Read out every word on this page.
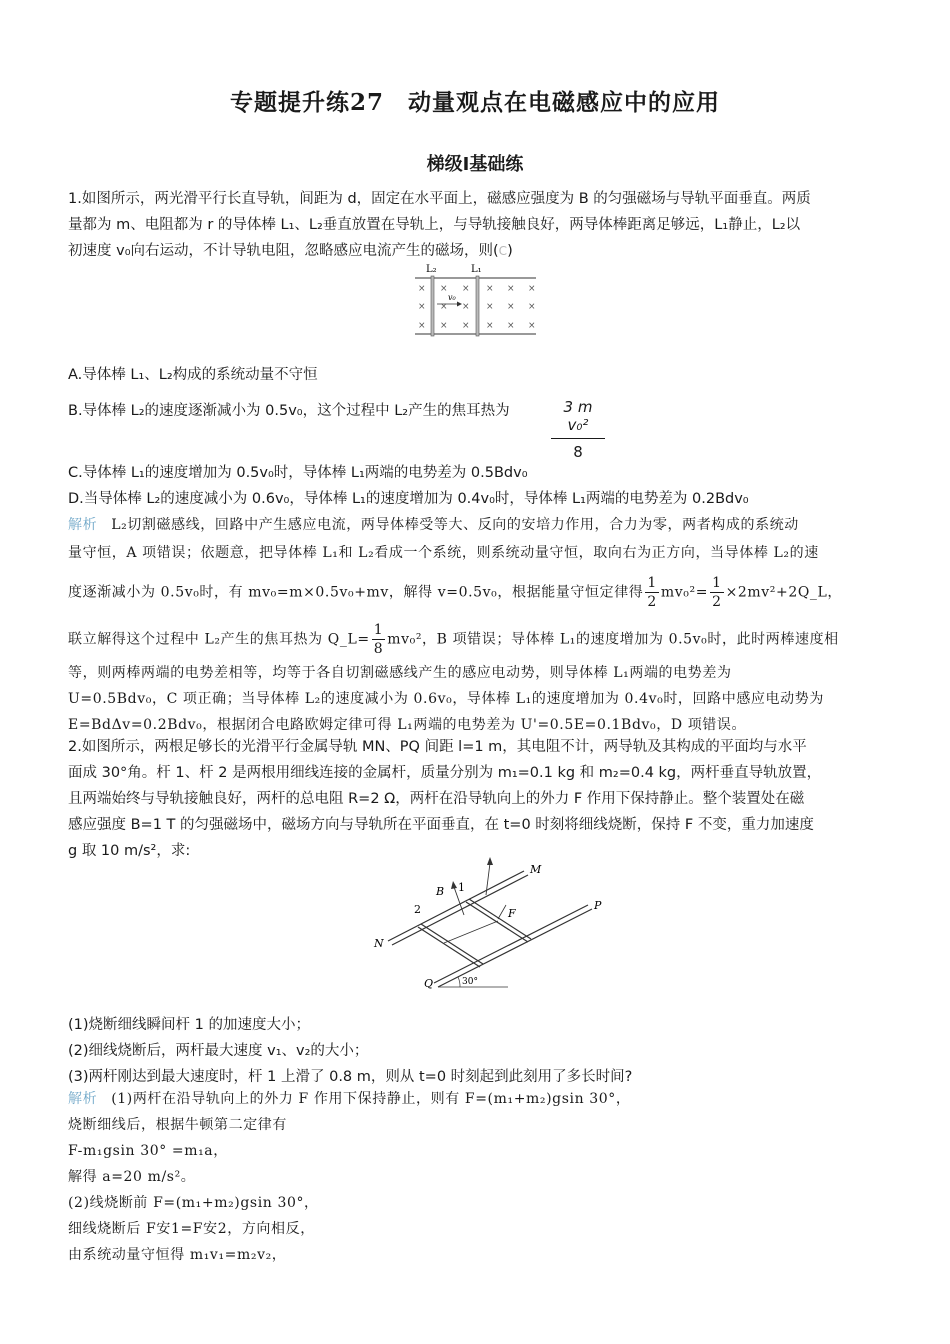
专题提升练27　动量观点在电磁感应中的应用
梯级Ⅰ基础练

1.如图所示，两光滑平行长直导轨，间距为 d，固定在水平面上，磁感应强度为 B 的匀强磁场与导轨平面垂直。两质

量都为 m、电阻都为 r 的导体棒 L₁、L₂垂直放置在导轨上，与导轨接触良好，两导体棒距离足够远，L₁静止，L₂以

初速度 v₀向右运动，不计导轨电阻，忽略感应电流产生的磁场，则(C)

L₂	L₁
v₀
× × × × × ×
× × × × × ×
× × × × × ×

A.导体棒 L₁、L₂构成的系统动量不守恒

B.导体棒 L₂的速度逐渐减小为 0.5v₀，这个过程中 L₂产生的焦耳热为	$\frac{\text{3 m v₀²}}{8}$

C.导体棒 L₁的速度增加为 0.5v₀时，导体棒 L₁两端的电势差为 0.5Bdv₀

D.当导体棒 L₂的速度减小为 0.6v₀，导体棒 L₁的速度增加为 0.4v₀时，导体棒 L₁两端的电势差为 0.2Bdv₀

解析 L₂切割磁感线，回路中产生感应电流，两导体棒受等大、反向的安培力作用，合力为零，两者构成的系统动

量守恒，A 项错误；依题意，把导体棒 L₁和 L₂看成一个系统，则系统动量守恒，取向右为正方向，当导体棒 L₂的速

度逐渐减小为 0.5v₀时，有 mv₀=m×0.5v₀+mv，解得 v=0.5v₀，根据能量守恒定律得 $\frac{1}{2} mv_0^2= \frac{1}{2}$ ×2mv²+2Q_L，

联立解得这个过程中 L₂产生的焦耳热为 Q_L= $\frac{1}{8} mv_0^2$，B 项错误；导体棒 L₁的速度增加为 0.5v₀时，此时两棒速度相

等，则两棒两端的电势差相等，均等于各自切割磁感线产生的感应电动势，则导体棒 L₁两端的电势差为

U=0.5Bdv₀，C 项正确；当导体棒 L₂的速度减小为 0.6v₀，导体棒 L₁的速度增加为 0.4v₀时，回路中感应电动势为

E=BdΔv=0.2Bdv₀，根据闭合电路欧姆定律可得 L₁两端的电势差为 U'=0.5E=0.1Bdv₀，D 项错误。

2.如图所示，两根足够长的光滑平行金属导轨 MN、PQ 间距 l=1 m，其电阻不计，两导轨及其构成的平面均与水平

面成 30°角。杆 1、杆 2 是两根用细线连接的金属杆，质量分别为 m₁=0.1 kg 和 m₂=0.4 kg，两杆垂直导轨放置，

且两端始终与导轨接触良好，两杆的总电阻 R=2 Ω，两杆在沿导轨向上的外力 F 作用下保持静止。整个装置处在磁

感应强度 B=1 T 的匀强磁场中，磁场方向与导轨所在平面垂直，在 t=0 时刻将细线烧断，保持 F 不变，重力加速度

g 取 10 m/s²，求:

B
F
1
2
N
M
P
Q	30°

(1)烧断细线瞬间杆 1 的加速度大小；

(2)细线烧断后，两杆最大速度 v₁、v₂的大小；

(3)两杆刚达到最大速度时，杆 1 上滑了 0.8 m，则从 t=0 时刻起到此刻用了多长时间?

解析 (1)两杆在沿导轨向上的外力 F 作用下保持静止，则有 F=(m₁+m₂)gsin 30°，

烧断细线后，根据牛顿第二定律有

F-m₁gsin 30° =m₁a，

解得 a=20 m/s²。

(2)线烧断前 F=(m₁+m₂)gsin 30°，

细线烧断后 F安1=F安2，方向相反，

由系统动量守恒得 m₁v₁=m₂v₂，
